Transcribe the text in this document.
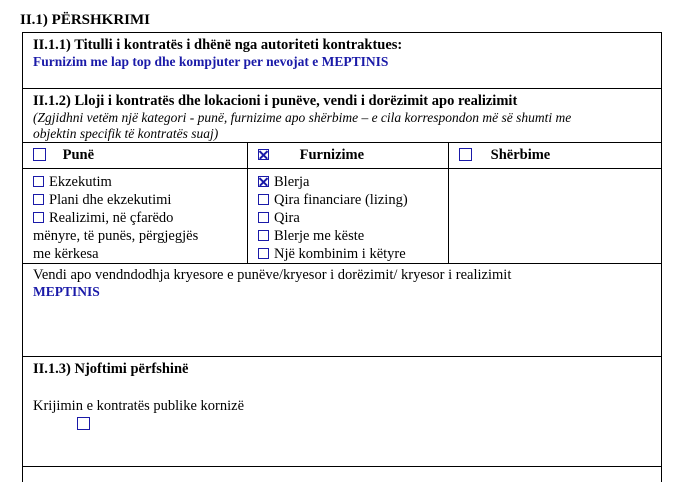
II.1) PËRSHKRIMI
II.1.1) Titulli i kontratës i dhënë nga autoriteti kontraktues:
Furnizim me lap top dhe kompjuter per nevojat e MEPTINIS
II.1.2) Lloji i kontratës dhe lokacioni i punëve, vendi i dorëzimit apo realizimit
(Zgjidhni vetëm një kategori - punë, furnizime apo shërbime – e cila korrespondon më së shumti me
objektin specifik të kontratës suaj)
Punë	Furnizime	Shërbime
Ekzekutim
Plani dhe ekzekutimi
Realizimi, në çfarëdo
mënyre, të punës, përgjegjës
me kërkesa
Blerja
Qira financiare (lizing)
Qira
Blerje me këste
Një kombinim i këtyre
Vendi apo vendndodhja kryesore e punëve/kryesor i dorëzimit/ kryesor i realizimit
MEPTINIS
II.1.3) Njoftimi përfshinë
Krijimin e kontratës publike kornizë
